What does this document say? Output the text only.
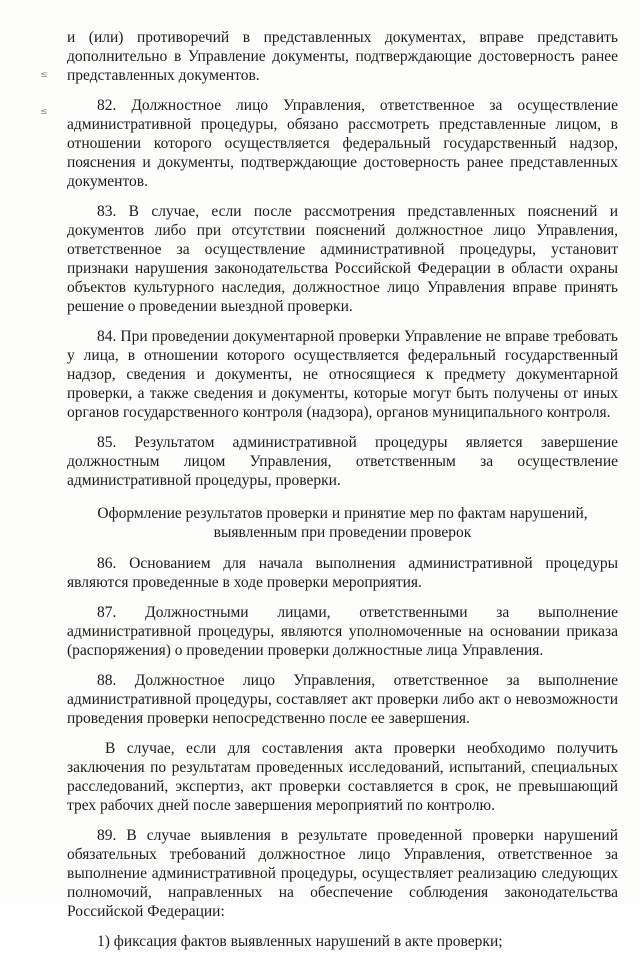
≤
≤

и (или) противоречий в представленных документах, вправе представить дополнительно в Управление документы, подтверждающие достоверность ранее представленных документов.

82. Должностное лицо Управления, ответственное за осуществление административной процедуры, обязано рассмотреть представленные лицом, в отношении которого осуществляется федеральный государственный надзор, пояснения и документы, подтверждающие достоверность ранее представленных документов.

83. В случае, если после рассмотрения представленных пояснений и документов либо при отсутствии пояснений должностное лицо Управления, ответственное за осуществление административной процедуры, установит признаки нарушения законодательства Российской Федерации в области охраны объектов культурного наследия, должностное лицо Управления вправе принять решение о проведении выездной проверки.

84. При проведении документарной проверки Управление не вправе требовать у лица, в отношении которого осуществляется федеральный государственный надзор, сведения и документы, не относящиеся к предмету документарной проверки, а также сведения и документы, которые могут быть получены от иных органов государственного контроля (надзора), органов муниципального контроля.

85. Результатом административной процедуры является завершение должностным лицом Управления, ответственным за осуществление административной процедуры, проверки.

Оформление результатов проверки и принятие мер по фактам нарушений, выявленным при проведении проверок

86. Основанием для начала выполнения административной процедуры являются проведенные в ходе проверки мероприятия.

87. Должностными лицами, ответственными за выполнение административной процедуры, являются уполномоченные на основании приказа (распоряжения) о проведении проверки должностные лица Управления.

88. Должностное лицо Управления, ответственное за выполнение административной процедуры, составляет акт проверки либо акт о невозможности проведения проверки непосредственно после ее завершения.

В случае, если для составления акта проверки необходимо получить заключения по результатам проведенных исследований, испытаний, специальных расследований, экспертиз, акт проверки составляется в срок, не превышающий трех рабочих дней после завершения мероприятий по контролю.

89. В случае выявления в результате проведенной проверки нарушений обязательных требований должностное лицо Управления, ответственное за выполнение административной процедуры, осуществляет реализацию следующих полномочий, направленных на обеспечение соблюдения законодательства Российской Федерации:

1) фиксация фактов выявленных нарушений в акте проверки;
